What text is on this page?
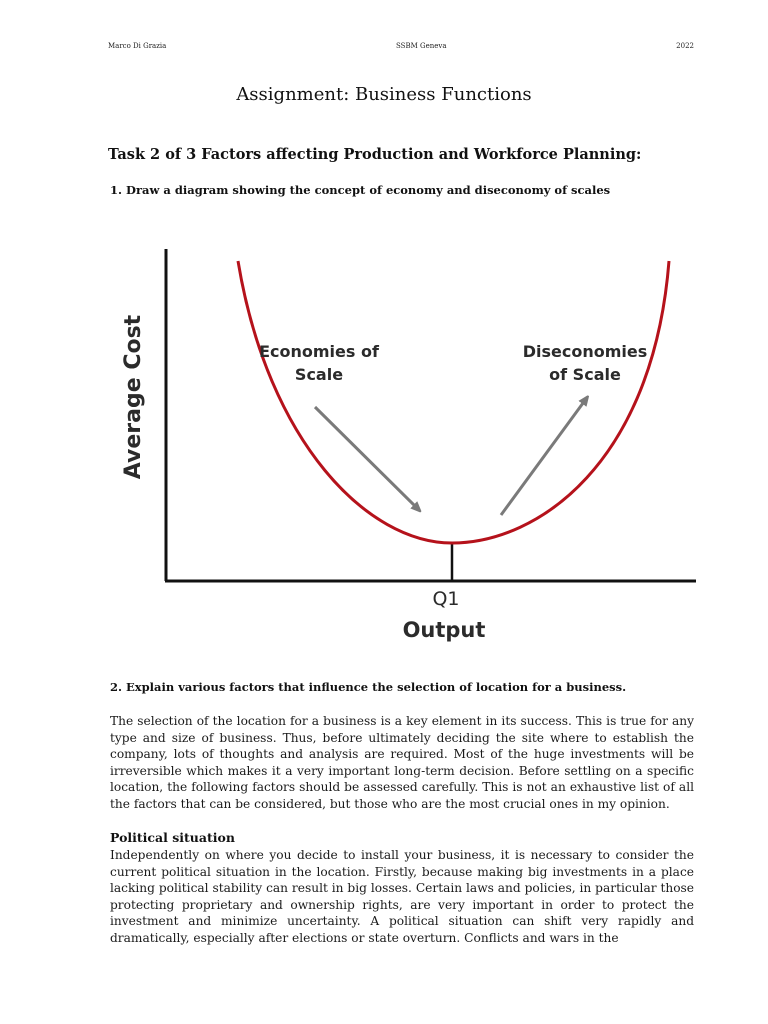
Marco Di Grazia	SSBM Geneva	2022
Assignment: Business Functions
Task 2 of 3 Factors affecting Production and Workforce Planning:
1. Draw a diagram showing the concept of economy and diseconomy of scales
Average Cost
Output
Q1
Economies of
Scale
Diseconomies
of Scale
2. Explain various factors that influence the selection of location for a business.

The selection of the location for a business is a key element in its success. This is true for any type and size of business. Thus, before ultimately deciding the site where to establish the company, lots of thoughts and analysis are required. Most of the huge investments will be irreversible which makes it a very important long-term decision. Before settling on a specific location, the following factors should be assessed carefully. This is not an exhaustive list of all the factors that can be considered, but those who are the most crucial ones in my opinion.

Political situation

Independently on where you decide to install your business, it is necessary to consider the current political situation in the location. Firstly, because making big investments in a place lacking political stability can result in big losses. Certain laws and policies, in particular those protecting proprietary and ownership rights, are very important in order to protect the investment and minimize uncertainty. A political situation can shift very rapidly and dramatically, especially after elections or state overturn. Conflicts and wars in the
